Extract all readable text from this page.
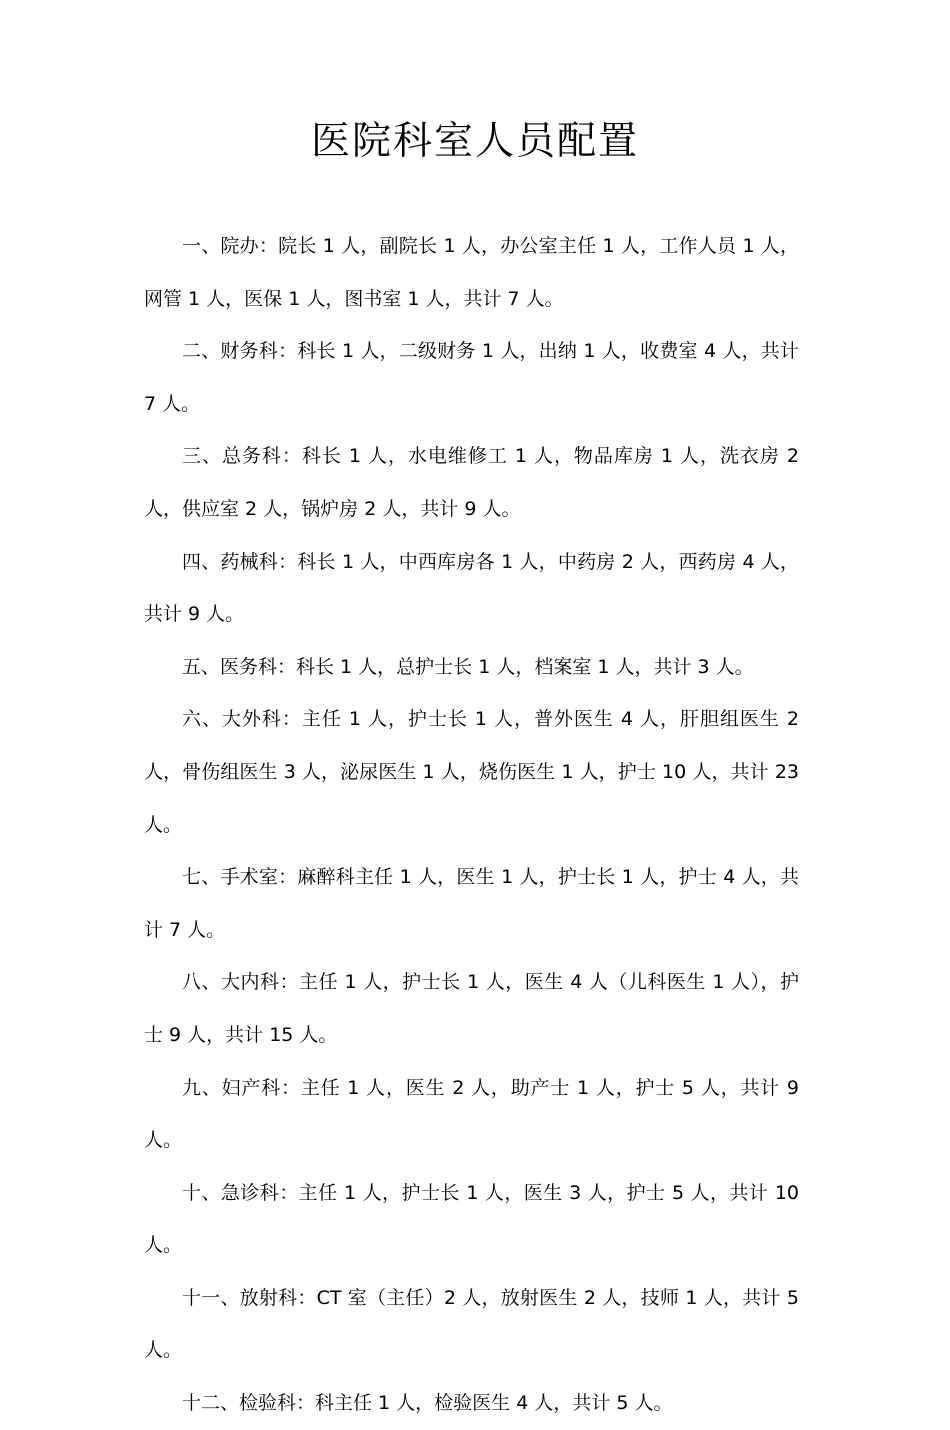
医院科室人员配置

一、院办：院长 1 人，副院长 1 人，办公室主任 1 人，工作人员 1 人，网管 1 人，医保 1 人，图书室 1 人，共计 7 人。

二、财务科：科长 1 人，二级财务 1 人，出纳 1 人，收费室 4 人，共计 7 人。

三、总务科：科长 1 人，水电维修工 1 人，物品库房 1 人，洗衣房 2 人，供应室 2 人，锅炉房 2 人，共计 9 人。

四、药械科：科长 1 人，中西库房各 1 人，中药房 2 人，西药房 4 人，共计 9 人。

五、医务科：科长 1 人，总护士长 1 人，档案室 1 人，共计 3 人。

六、大外科：主任 1 人，护士长 1 人，普外医生 4 人，肝胆组医生 2 人，骨伤组医生 3 人，泌尿医生 1 人，烧伤医生 1 人，护士 10 人，共计 23 人。

七、手术室：麻醉科主任 1 人，医生 1 人，护士长 1 人，护士 4 人，共计 7 人。

八、大内科：主任 1 人，护士长 1 人，医生 4 人（儿科医生 1 人），护士 9 人，共计 15 人。

九、妇产科：主任 1 人，医生 2 人，助产士 1 人，护士 5 人，共计 9 人。

十、急诊科：主任 1 人，护士长 1 人，医生 3 人，护士 5 人，共计 10 人。

十一、放射科：CT 室（主任）2 人，放射医生 2 人，技师 1 人，共计 5 人。

十二、检验科：科主任 1 人，检验医生 4 人，共计 5 人。
